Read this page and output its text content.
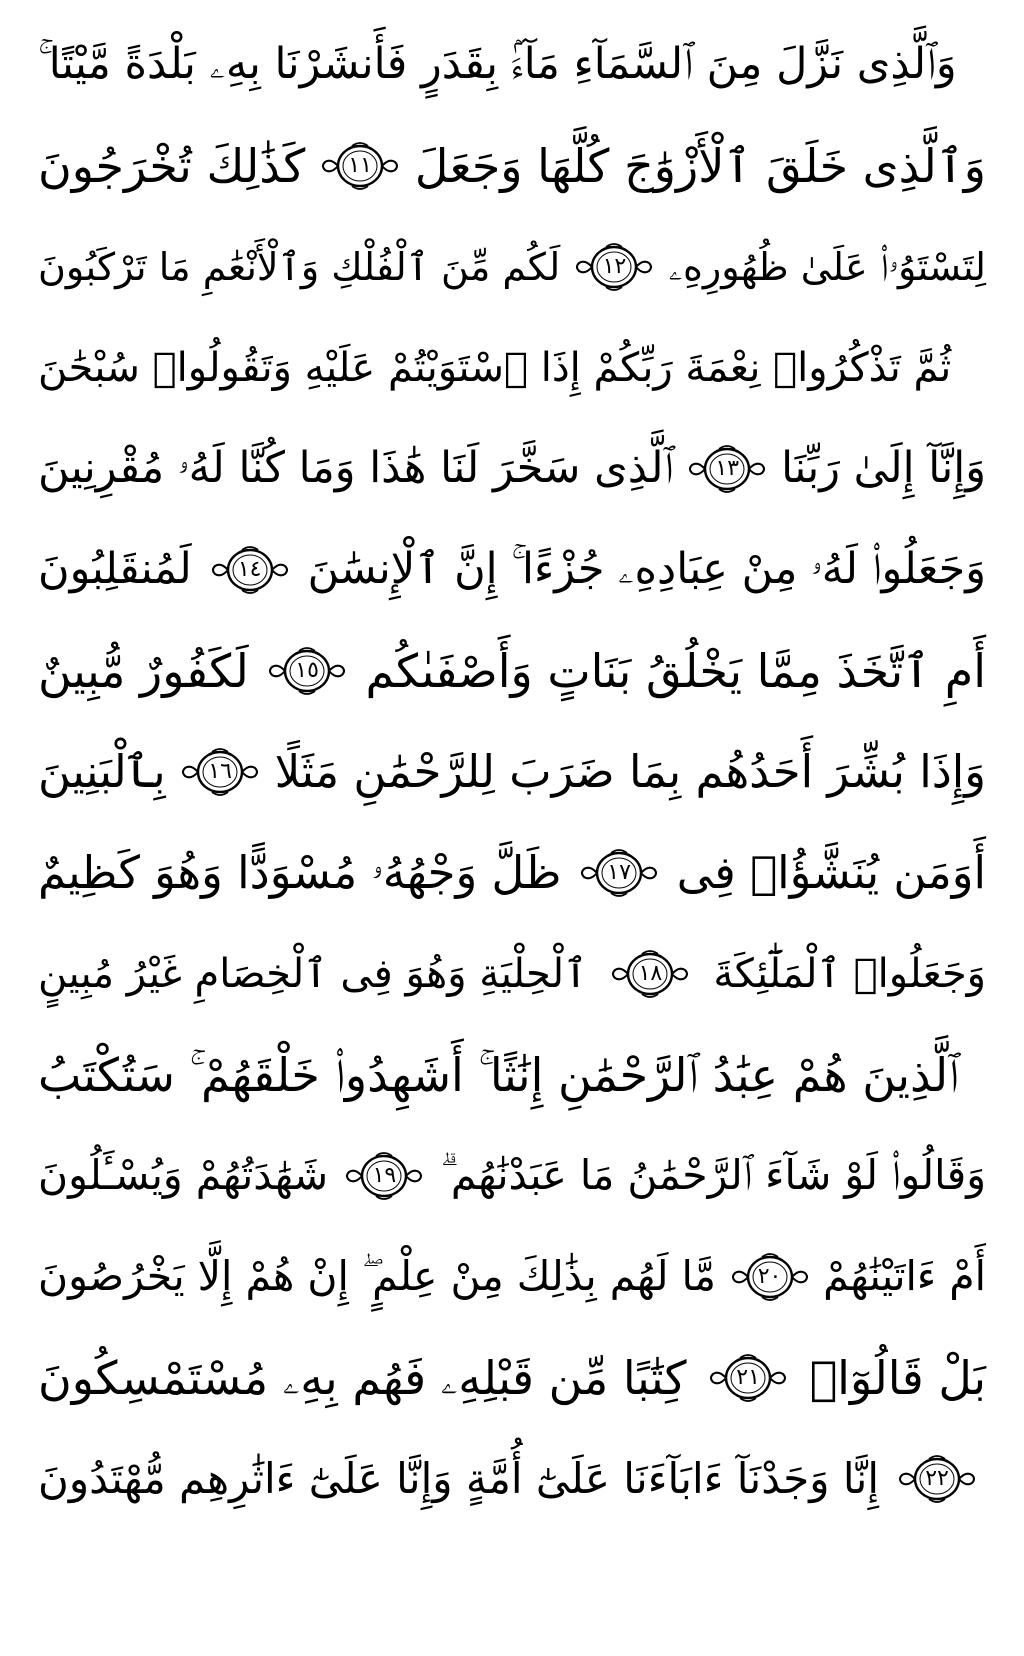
وَٱلَّذِى نَزَّلَ مِنَ ٱلسَّمَآءِ مَآءَۢ بِقَدَرٍ فَأَنشَرْنَا بِهِۦ بَلْدَةً مَّيْتًا ۚ
كَذَٰلِكَ تُخْرَجُونَ	١١ وَٱلَّذِى خَلَقَ ٱلْأَزْوَٰجَ كُلَّهَا وَجَعَلَ
لَكُم مِّنَ ٱلْفُلْكِ وَٱلْأَنْعَٰمِ مَا تَرْكَبُونَ	١٢	لِتَسْتَوُۥا۟ عَلَىٰ ظُهُورِهِۦ
ثُمَّ تَذْكُرُوا۟ نِعْمَةَ رَبِّكُمْ إِذَا ٱسْتَوَيْتُمْ عَلَيْهِ وَتَقُولُوا۟ سُبْحَٰنَ
ٱلَّذِى سَخَّرَ لَنَا هَٰذَا وَمَا كُنَّا لَهُۥ مُقْرِنِينَ	١٣ وَإِنَّآ إِلَىٰ رَبِّنَا
لَمُنقَلِبُونَ	١٤	وَجَعَلُوا۟ لَهُۥ مِنْ عِبَادِهِۦ جُزْءًا ۚ إِنَّ ٱلْإِنسَٰنَ
لَكَفُورٌ مُّبِينٌ	١٥	أَمِ ٱتَّخَذَ مِمَّا يَخْلُقُ بَنَاتٍ وَأَصْفَىٰكُم
بِٱلْبَنِينَ	١٦ وَإِذَا بُشِّرَ أَحَدُهُم بِمَا ضَرَبَ لِلرَّحْمَٰنِ مَثَلًا
ظَلَّ وَجْهُهُۥ مُسْوَدًّا وَهُوَ كَظِيمٌ	١٧	أَوَمَن يُنَشَّؤُا۟ فِى
ٱلْحِلْيَةِ وَهُوَ فِى ٱلْخِصَامِ غَيْرُ مُبِينٍ	١٨	وَجَعَلُوا۟ ٱلْمَلَٰٓئِكَةَ
ٱلَّذِينَ هُمْ عِبَٰدُ ٱلرَّحْمَٰنِ إِنَٰثًا ۚ أَشَهِدُوا۟ خَلْقَهُمْ ۚ سَتُكْتَبُ
شَهَٰدَتُهُمْ وَيُسْـَٔلُونَ	١٩	وَقَالُوا۟ لَوْ شَآءَ ٱلرَّحْمَٰنُ مَا عَبَدْنَٰهُم ۗ
مَّا لَهُم بِذَٰلِكَ مِنْ عِلْمٍ ۖ إِنْ هُمْ إِلَّا يَخْرُصُونَ	٢٠	أَمْ ءَاتَيْنَٰهُمْ
كِتَٰبًا مِّن قَبْلِهِۦ فَهُم بِهِۦ مُسْتَمْسِكُونَ	٢١	بَلْ قَالُوٓا۟
إِنَّا وَجَدْنَآ ءَابَآءَنَا عَلَىٰٓ أُمَّةٍ وَإِنَّا عَلَىٰٓ ءَاثَٰرِهِم مُّهْتَدُونَ	٢٢
